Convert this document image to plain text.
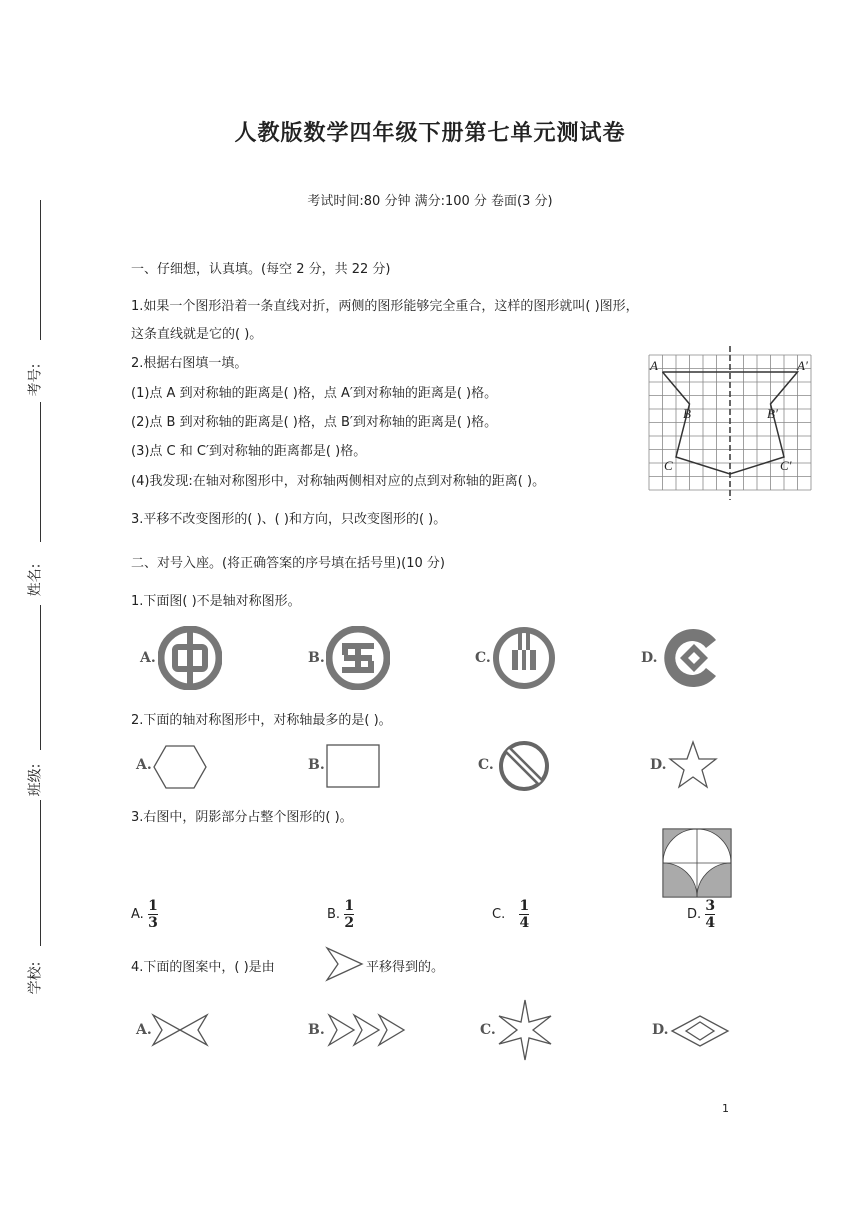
考号:
姓名:
班级:
学校:
人教版数学四年级下册第七单元测试卷
考试时间:80 分钟 满分:100 分 卷面(3 分)
一、仔细想，认真填。(每空 2 分，共 22 分)
1.如果一个图形沿着一条直线对折，两侧的图形能够完全重合，这样的图形就叫( )图形，
这条直线就是它的( )。
2.根据右图填一填。
(1)点 A 到对称轴的距离是( )格，点 A′到对称轴的距离是( )格。
(2)点 B 到对称轴的距离是( )格，点 B′到对称轴的距离是( )格。
(3)点 C 和 C′到对称轴的距离都是( )格。
(4)我发现:在轴对称图形中，对称轴两侧相对应的点到对称轴的距离( )。
3.平移不改变图形的( )、( )和方向，只改变图形的( )。
A	A′
B	B′
C	C′
二、对号入座。(将正确答案的序号填在括号里)(10 分)
1.下面图( )不是轴对称图形。
A.	B.	C.	D.
2.下面的轴对称图形中，对称轴最多的是( )。
A.	B.	C.	D.
3.右图中，阴影部分占整个图形的( )。
A. $\frac{1}{3}$	B. $\frac{1}{2}$	C. $\frac{1}{4}$	D. $\frac{3}{4}$
4.下面的图案中，( )是由	平移得到的。
A.	B.	C.	D.
1
